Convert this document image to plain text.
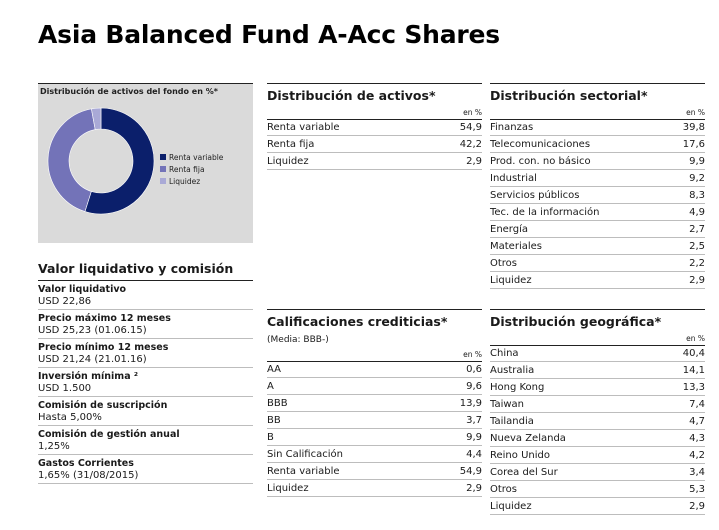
Asia Balanced Fund A-Acc Shares
Distribución de activos del fondo en %*
Renta variable
Renta fija
Liquidez
Valor liquidativo y comisión
Valor liquidativo
USD 22,86
Precio máximo 12 meses
USD 25,23 (01.06.15)
Precio mínimo 12 meses
USD 21,24 (21.01.16)
Inversión mínima ²
USD 1.500
Comisión de suscripción
Hasta 5,00%
Comisión de gestión anual
1,25%
Gastos Corrientes
1,65% (31/08/2015)
Distribución de activos*
en %
Renta variable	54,9
Renta fija	42,2
Liquidez	2,9
Distribución sectorial*
en %
Finanzas	39,8
Telecomunicaciones	17,6
Prod. con. no básico	9,9
Industrial	9,2
Servicios públicos	8,3
Tec. de la información	4,9
Energía	2,7
Materiales	2,5
Otros	2,2
Liquidez	2,9
Calificaciones crediticias*
(Media: BBB-)
en %
AA	0,6
A	9,6
BBB	13,9
BB	3,7
B	9,9
Sin Calificación	4,4
Renta variable	54,9
Liquidez	2,9
Distribución geográfica*
en %
China	40,4
Australia	14,1
Hong Kong	13,3
Taiwan	7,4
Tailandia	4,7
Nueva Zelanda	4,3
Reino Unido	4,2
Corea del Sur	3,4
Otros	5,3
Liquidez	2,9
